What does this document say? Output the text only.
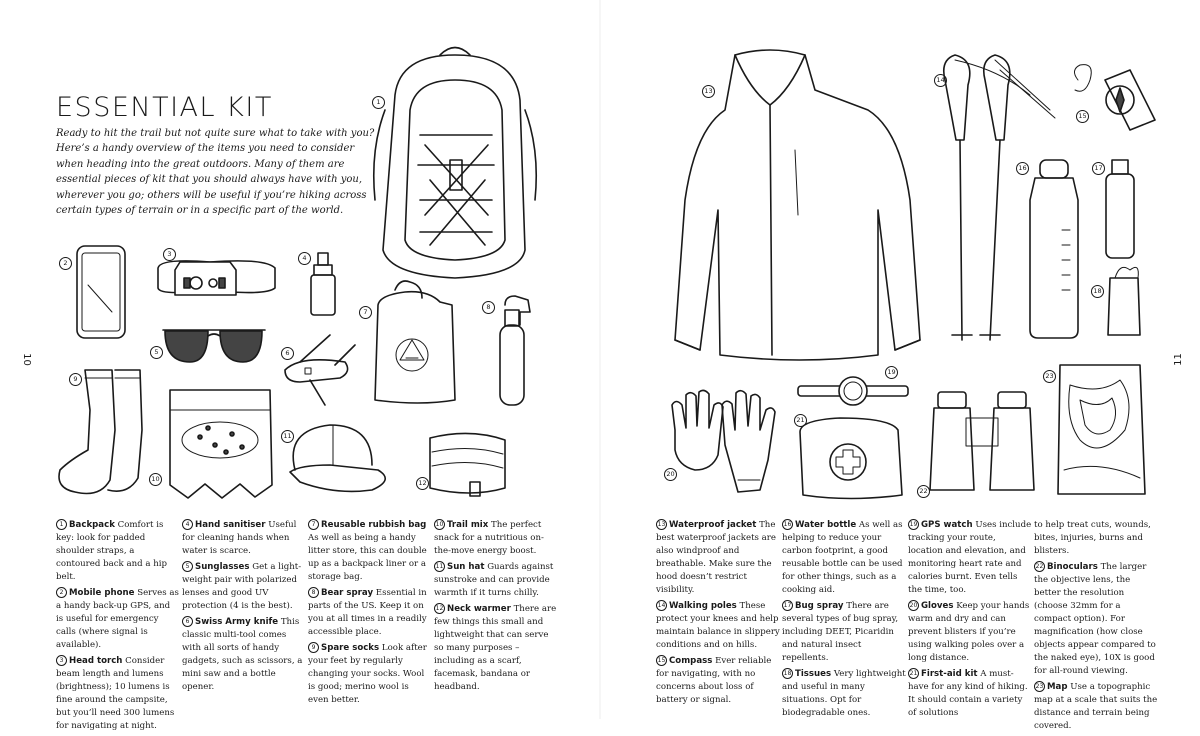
ESSENTIAL KIT
Ready to hit the trail but not quite sure what to take with you? Here’s a handy overview of the items you need to consider when heading into the great outdoors. Many of them are essential pieces of kit that you should always have with you, wherever you go; others will be useful if you’re hiking across certain types of terrain or in a specific part of the world.
10
1
2
3	4
5	6
7
8
9
10
11
12
1 Backpack Comfort is key: look for padded shoulder straps, a contoured back and a hip belt.
2 Mobile phone Serves as a handy back-up GPS, and is useful for emergency calls (where signal is available).
3 Head torch Consider beam length and lumens (brightness); 10 lumens is fine around the campsite, but you’ll need 300 lumens for navigating at night.
4 Hand sanitiser Useful for cleaning hands when water is scarce.
5 Sunglasses Get a light-weight pair with polarized lenses and good UV protection (4 is the best).
6 Swiss Army knife This classic multi-tool comes with all sorts of handy gadgets, such as scissors, a mini saw and a bottle opener.
7 Reusable rubbish bag As well as being a handy litter store, this can double up as a backpack liner or a storage bag.
8 Bear spray Essential in parts of the US. Keep it on you at all times in a readily accessible place.
9 Spare socks Look after your feet by regularly changing your socks. Wool is good; merino wool is even better.
10 Trail mix The perfect snack for a nutritious on-the-move energy boost.
11 Sun hat Guards against sunstroke and can provide warmth if it turns chilly.
12 Neck warmer There are few things this small and lightweight that can serve so many purposes – including as a scarf, facemask, bandana or headband.
11
13
14
15
16	17
18
19
20
21
22
23
13 Waterproof jacket The best waterproof jackets are also windproof and breathable. Make sure the hood doesn’t restrict visibility.
14 Walking poles These protect your knees and help maintain balance in slippery conditions and on hills.
15 Compass Ever reliable for navigating, with no concerns about loss of battery or signal.
16 Water bottle As well as helping to reduce your carbon footprint, a good reusable bottle can be used for other things, such as a cooking aid.
17 Bug spray There are several types of bug spray, including DEET, Picaridin and natural insect repellents.
18 Tissues Very lightweight and useful in many situations. Opt for biodegradable ones.
19 GPS watch Uses include tracking your route, location and elevation, and monitoring heart rate and calories burnt. Even tells the time, too.
20 Gloves Keep your hands warm and dry and can prevent blisters if you’re using walking poles over a long distance.
21 First-aid kit A must-have for any kind of hiking. It should contain a variety of solutions
to help treat cuts, wounds, bites, injuries, burns and blisters.
22 Binoculars The larger the objective lens, the better the resolution (choose 32mm for a compact option). For magnification (how close objects appear compared to the naked eye), 10X is good for all-round viewing.
23 Map Use a topographic map at a scale that suits the distance and terrain being covered.
